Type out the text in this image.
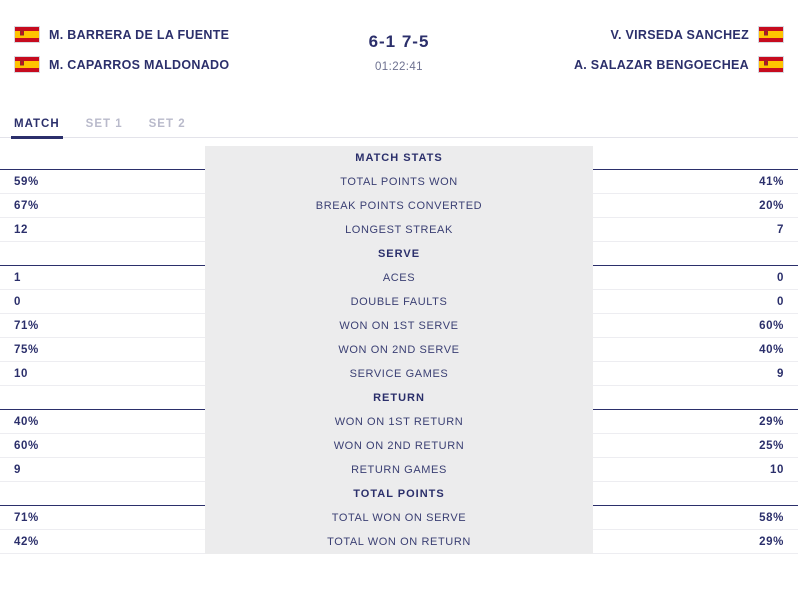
M. BARRERA DE LA FUENTE
M. CAPARROS MALDONADO
6-1 7-5
01:22:41
V. VIRSEDA SANCHEZ
A. SALAZAR BENGOECHEA
MATCH SET 1 SET 2
MATCH STATS
59%	TOTAL POINTS WON	41%
67%	BREAK POINTS CONVERTED	20%
12	LONGEST STREAK	7
SERVE
1	ACES	0
0	DOUBLE FAULTS	0
71%	WON ON 1ST SERVE	60%
75%	WON ON 2ND SERVE	40%
10	SERVICE GAMES	9
RETURN
40%	WON ON 1ST RETURN	29%
60%	WON ON 2ND RETURN	25%
9	RETURN GAMES	10
TOTAL POINTS
71%	TOTAL WON ON SERVE	58%
42%	TOTAL WON ON RETURN	29%
